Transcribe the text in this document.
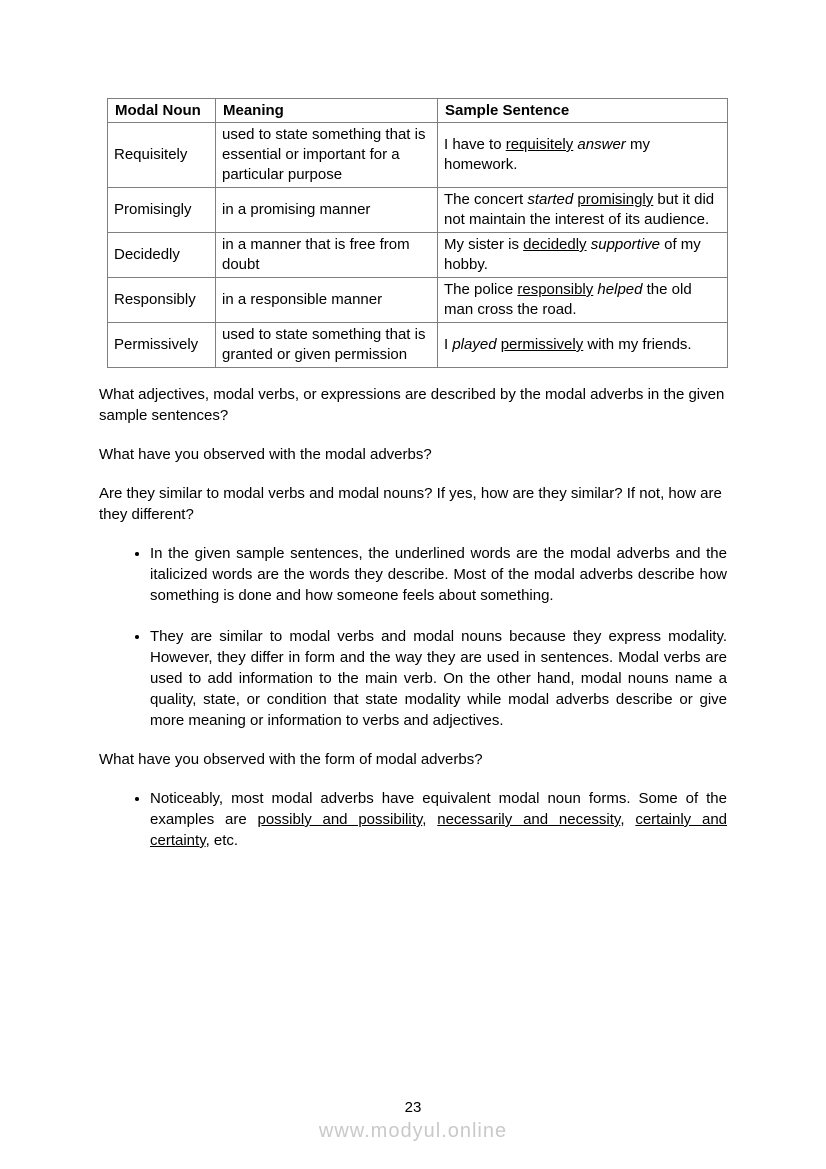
Modal Noun	Meaning	Sample Sentence
Requisitely	used to state something that is essential or important for a particular purpose	I have to requisitely answer my homework.
Promisingly	in a promising manner	The concert started promisingly but it did not maintain the interest of its audience.
Decidedly	in a manner that is free from doubt	My sister is decidedly supportive of my hobby.
Responsibly	in a responsible manner	The police responsibly helped the old man cross the road.
Permissively	used to state something that is granted or given permission	I played permissively with my friends.

What adjectives, modal verbs, or expressions are described by the modal adverbs in the given sample sentences?

What have you observed with the modal adverbs?

Are they similar to modal verbs and modal nouns? If yes, how are they similar? If not, how are they different?

• In the given sample sentences, the underlined words are the modal adverbs and the italicized words are the words they describe. Most of the modal adverbs describe how something is done and how someone feels about something.
• They are similar to modal verbs and modal nouns because they express modality. However, they differ in form and the way they are used in sentences. Modal verbs are used to add information to the main verb. On the other hand, modal nouns name a quality, state, or condition that state modality while modal adverbs describe or give more meaning or information to verbs and adjectives.

What have you observed with the form of modal adverbs?

• Noticeably, most modal adverbs have equivalent modal noun forms. Some of the examples are possibly and possibility, necessarily and necessity, certainly and certainty, etc.
23
www.modyul.online
